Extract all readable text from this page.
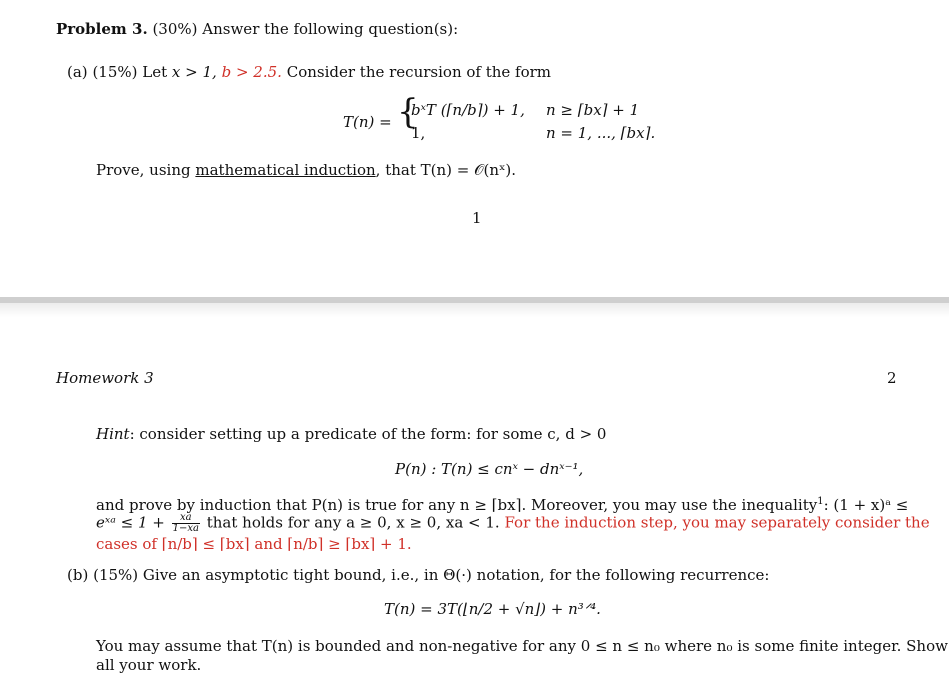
Problem 3. (30%) Answer the following question(s):
(a) (15%) Let x > 1, b > 2.5. Consider the recursion of the form
T(n) = {
bˣT (⌈n/b⌉) + 1, n ≥ ⌈bx⌉ + 1
1,	n = 1, ..., ⌈bx⌉.
Prove, using mathematical induction, that T(n) = 𝒪(nˣ).
1
Homework 3	2
Hint: consider setting up a predicate of the form: for some c, d > 0
P(n) : T(n) ≤ cnˣ − dnˣ⁻¹,
and prove by induction that P(n) is true for any n ≥ ⌈bx⌉. Moreover, you may use the inequality$^1$: (1 + x)ᵃ ≤
eˣᵃ ≤ $1 + \frac{xa}{1-xa}$ that holds for any a ≥ 0, x ≥ 0, xa < 1. For the induction step, you may separately consider the
cases of ⌈n/b⌉ ≤ ⌈bx⌉ and ⌈n/b⌉ ≥ ⌈bx⌉ + 1.
(b) (15%) Give an asymptotic tight bound, i.e., in Θ(·) notation, for the following recurrence:
T(n) = 3T(⌊n/2 + √n⌋) + n³ᐟ⁴.
You may assume that T(n) is bounded and non-negative for any 0 ≤ n ≤ n₀ where n₀ is some finite integer. Show
all your work.
